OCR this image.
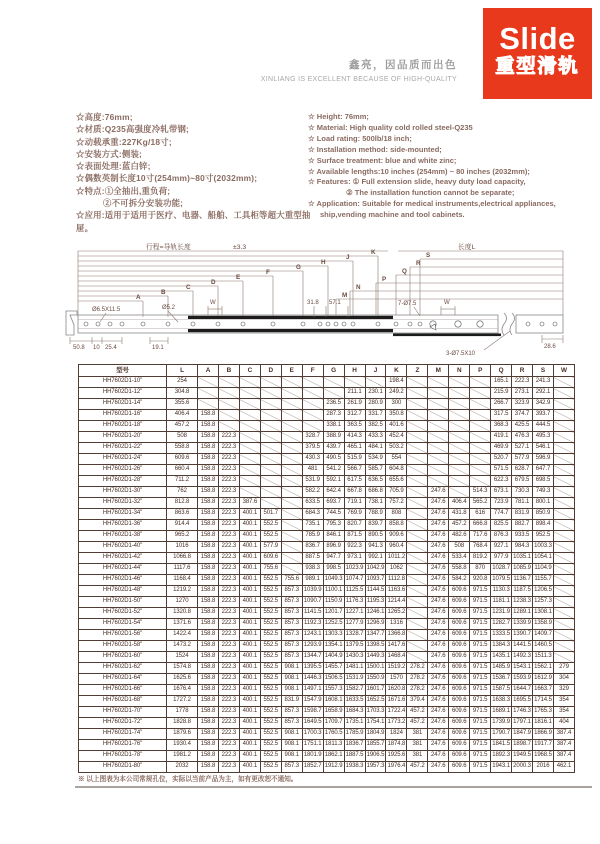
Slide
重型滑轨
鑫亮，因品质而出色
XINLIANG IS EXCELLENT BECAUSE OF HIGH-QUALITY
☆高度:76mm;
☆材质:Q235高强度冷轧带钢;
☆动载承重:227Kg/18寸;
☆安装方式:侧装;
☆表面处理:蓝白锌;
☆偶数英制长度10寸(254mm)~80寸(2032mm);
☆特点:①全抽出,重负荷;
②不可拆分安装功能;
☆应用:适用于适用于医疗、电器、船舶、工具柜等超大重型抽屉。
☆ Height: 76mm;
☆ Material: High quality cold rolled steel-Q235
☆ Load rating: 500lb/18 inch;
☆ Installation method: side-mounted;
☆ Surface treatment: blue and white zinc;
☆ Available lengths:10 inches (254mm) ~ 80 inches (2032mm);
☆ Features: ① Full extension slide, heavy duty load capacity,
② The installation function cannot be separate;
☆ Application: Suitable for medical instruments,electrical appliances,
ship,vending machine and tool cabinets.
行程=导轨长度	±3.3
A
B
C
D
E
F
G
H
J
K
长度L
S
R
Q
P
N
M
Ø6.5X11.5	Ø5.2
7-Ø7.5
W	W
31.8 57.1
50.8 10 25.4	19.1	28.6
3-Ø7.5X10
型号	L	A	B	C	D	E	F	G	H	J	K	Z	M	N	P	Q	R	S	W
HH7602D1-10"	254										198.4					165.1	222.3	241.3	
HH7602D1-12"	304.8								211.1	230.1	249.2					215.9	273.1	292.1	
HH7602D1-14"	355.6							236.5	261.9	280.9	300					266.7	323.9	342.9	
HH7602D1-16"	406.4	158.8						287.3	312.7	331.7	350.8					317.5	374.7	393.7	
HH7602D1-18"	457.2	158.8						338.1	363.5	382.5	401.6					368.3	425.5	444.5	
HH7602D1-20"	508	158.8	222.3				328.7	388.9	414.3	433.3	452.4					419.1	476.3	495.3	
HH7602D1-22"	558.8	158.8	222.3				379.5	439.7	465.1	484.1	503.2					469.9	527.1	546.1	
HH7602D1-24"	609.6	158.8	222.3				430.3	490.5	515.9	534.9	554					520.7	577.9	596.9	
HH7602D1-26"	660.4	158.8	222.3				481	541.2	566.7	585.7	604.8					571.5	628.7	647.7	
HH7602D1-28"	711.2	158.8	222.3				531.9	592.1	617.5	636.5	655.6					622.3	679.5	698.5	
HH7602D1-30"	762	158.8	222.3				582.2	642.4	667.8	686.8	705.9		247.6		514.3	673.1	730.3	749.3	
HH7602D1-32"	812.8	158.8	222.3	387.6			633.5	693.7	719.1	738.1	757.2		247.6	406.4	565.2	723.9	781.1	800.1	
HH7602D1-34"	863.6	158.8	222.3	400.1	501.7		684.3	744.5	769.9	788.9	808		247.6	431.8	616	774.7	831.9	850.9	
HH7602D1-36"	914.4	158.8	222.3	400.1	552.5		735.1	795.3	820.7	839.7	858.8		247.6	457.2	666.8	825.5	882.7	898.4	
HH7602D1-38"	965.2	158.8	222.3	400.1	552.5		785.9	846.1	871.5	890.5	909.6		247.6	482.6	717.6	876.3	933.5	952.5	
HH7602D1-40"	1016	158.8	222.3	400.1	577.9		836.7	896.9	922.3	941.3	960.4		247.6	508	768.4	927.1	984.3	1003.3	
HH7602D1-42"	1066.8	158.8	222.3	400.1	609.6		887.5	947.7	973.1	992.1	1011.2		247.6	533.4	819.2	977.9	1035.1	1054.1	
HH7602D1-44"	1117.6	158.8	222.3	400.1	755.6		938.3	998.5	1023.9	1042.9	1062		247.6	558.8	870	1028.7	1085.9	1104.9	
HH7602D1-46"	1168.4	158.8	222.3	400.1	552.5	755.6	989.1	1049.3	1074.7	1093.7	1112.8		247.6	584.2	920.8	1079.5	1136.7	1155.7	
HH7602D1-48"	1219.2	158.8	222.3	400.1	552.5	857.3	1039.9	1100.1	1125.5	1144.5	1163.6		247.6	609.6	971.5	1130.3	1187.5	1206.5	
HH7602D1-50"	1270	158.8	222.3	400.1	552.5	857.3	1090.7	1150.9	1176.3	1195.3	1214.4		247.6	609.6	971.5	1181.1	1238.3	1257.3	
HH7602D1-52"	1320.8	158.8	222.3	400.1	552.5	857.3	1141.5	1201.7	1227.1	1246.1	1265.2		247.6	609.6	971.5	1231.9	1289.1	1308.1	
HH7602D1-54"	1371.6	158.8	222.3	400.1	552.5	857.3	1192.3	1252.5	1277.9	1296.9	1316		247.6	609.6	971.5	1282.7	1339.9	1358.9	
HH7602D1-56"	1422.4	158.8	222.3	400.1	552.5	857.3	1243.1	1303.3	1328.7	1347.7	1366.8		247.6	609.6	971.5	1333.5	1390.7	1409.7	
HH7602D1-58"	1473.2	158.8	222.3	400.1	552.5	857.3	1293.9	1354.1	1379.5	1398.5	1417.6		247.6	609.6	971.5	1384.3	1441.5	1460.5	
HH7602D1-60"	1524	158.8	222.3	400.1	552.5	857.3	1344.7	1404.9	1430.3	1449.3	1468.4		247.6	609.6	971.5	1435.1	1492.3	1511.3	
HH7602D1-62"	1574.8	158.8	222.3	400.1	552.5	908.1	1395.5	1455.7	1481.1	1500.1	1519.2	278.2	247.6	609.6	971.5	1485.9	1543.1	1562.1	279
HH7602D1-64"	1625.6	158.8	222.3	400.1	552.5	908.1	1446.3	1506.5	1531.9	1550.9	1570	278.2	247.6	609.6	971.5	1536.7	1593.9	1612.9	304
HH7602D1-66"	1676.4	158.8	222.3	400.1	552.5	908.1	1497.1	1557.3	1582.7	1601.7	1620.8	278.2	247.6	609.6	971.5	1587.5	1644.7	1663.7	329
HH7602D1-68"	1727.2	158.8	222.3	400.1	552.5	831.9	1547.9	1608.1	1633.5	1652.5	1671.6	379.4	247.6	609.6	971.5	1638.3	1695.5	1714.5	354
HH7602D1-70"	1778	158.8	222.3	400.1	552.5	857.3	1598.7	1658.9	1684.3	1703.3	1722.4	457.2	247.6	609.6	971.5	1689.1	1746.3	1765.3	354
HH7602D1-72"	1828.8	158.8	222.3	400.1	552.5	857.3	1649.5	1709.7	1735.1	1754.1	1773.2	457.2	247.6	609.6	971.5	1739.9	1797.1	1816.1	404
HH7602D1-74"	1879.6	158.8	222.3	400.1	552.5	908.1	1700.3	1760.5	1785.9	1804.9	1824	381	247.6	609.6	971.5	1790.7	1847.9	1866.9	387.4
HH7602D1-76"	1930.4	158.8	222.3	400.1	552.5	908.1	1751.1	1811.3	1836.7	1855.7	1874.8	381	247.6	609.6	971.5	1841.5	1898.7	1917.7	387.4
HH7602D1-78"	1981.2	158.8	222.3	400.1	552.5	908.1	1801.9	1862.1	1887.5	1906.5	1925.6	381	247.6	609.6	971.5	1892.3	1949.5	1968.5	387.4
HH7602D1-80"	2032	158.8	222.3	400.1	552.5	857.3	1852.7	1912.9	1938.3	1957.3	1976.4	457.2	247.6	609.6	971.5	1943.1	2000.3	2016	462.1
※ 以上图表为本公司常规孔位，实际以当前产品为主，如有更改恕不通知。
